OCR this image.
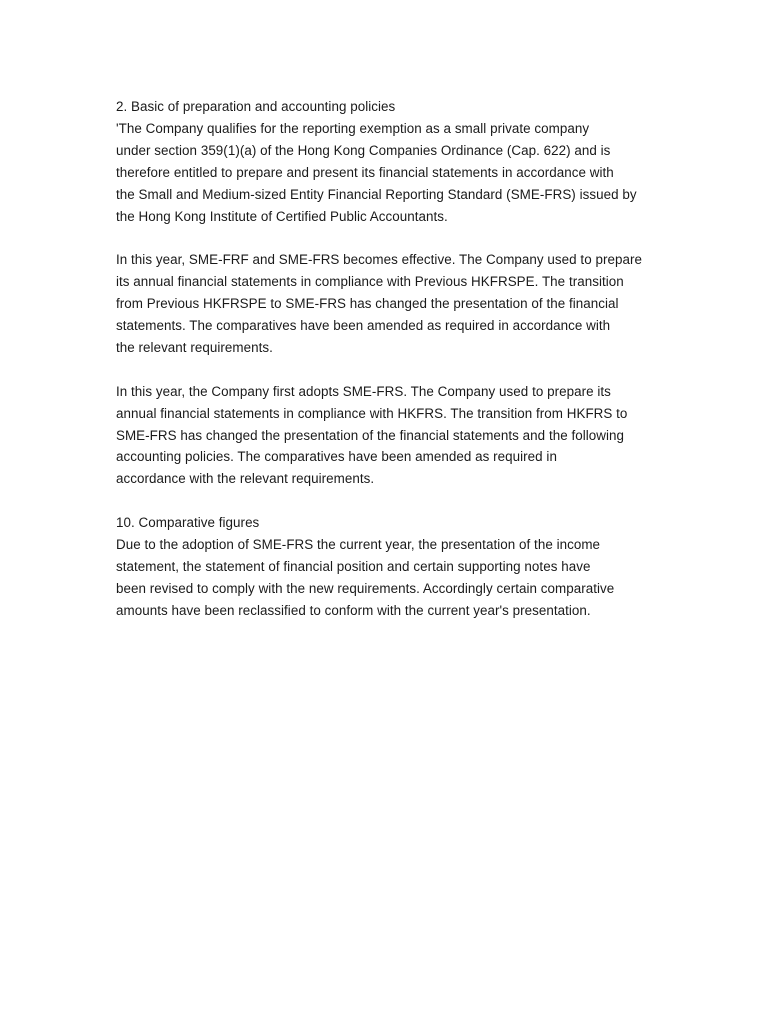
2. Basic of preparation and accounting policies
'The Company qualifies for the reporting exemption as a small private company
under section 359(1)(a) of the Hong Kong Companies Ordinance (Cap. 622) and is
therefore entitled to prepare and present its financial statements in accordance with
the Small and Medium-sized Entity Financial Reporting Standard (SME-FRS) issued by
the Hong Kong Institute of Certified Public Accountants.
In this year, SME-FRF and SME-FRS becomes effective. The Company used to prepare
its annual financial statements in compliance with Previous HKFRSPE. The transition
from Previous HKFRSPE to SME-FRS has changed the presentation of the financial
statements. The comparatives have been amended as required in accordance with
the relevant requirements.
In this year, the Company first adopts SME-FRS. The Company used to prepare its
annual financial statements in compliance with HKFRS. The transition from HKFRS to
SME-FRS has changed the presentation of the financial statements and the following
accounting policies. The comparatives have been amended as required in
accordance with the relevant requirements.
10. Comparative figures
Due to the adoption of SME-FRS the current year, the presentation of the income
statement, the statement of financial position and certain supporting notes have
been revised to comply with the new requirements. Accordingly certain comparative
amounts have been reclassified to conform with the current year's presentation.
